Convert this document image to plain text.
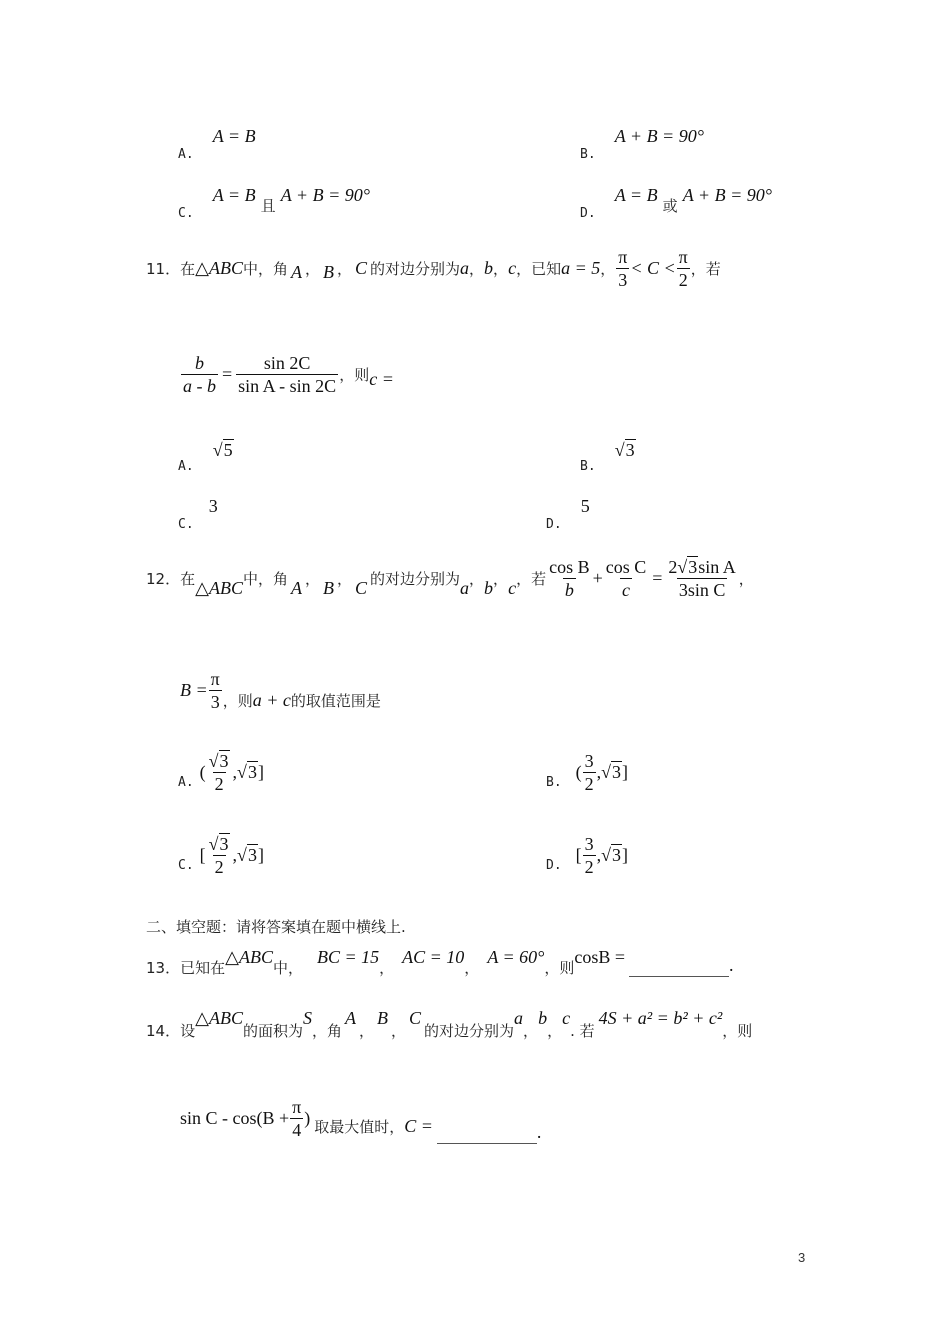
$_{A.}$ A = B
$_{B.}$ A + B = 90°
$_{C.}$ A = B 且 A + B = 90°
$_{D.}$ A = B 或 A + B = 90°
11． 在 △ABC 中，角 A ， B ， C 的对边分别为 a ， b ， c ，已知 a = 5 ，
π
3
< C <
π
2
，若
$\frac{b}{a - b} = \frac{\sin 2C}{\text{sin A - sin 2C}}$ ，则 c =
$_{A.}$ √5
$_{B.}$ √3
$_{C.}$ 3
$_{D.}$ 5
12． 在 △ABC 中，角 A ， B ， C 的对边分别为 a ， b ， c ，若
cos B
b
+ $\frac{\text{cos C}}{c} = \frac{\text{2√3sin A}}{\text{3sin C}}$ ，
$B = \frac{\pi}{3}$ ，则 a + c 的取值范围是
A.
(
√3
2
, √3 ]
B.
(
3
2
, √3 ]
C.
[
√3
2
, √3 ]
D.
[
3
2
, √3 ]
二、填空题：请将答案填在题中横线上.
13． 已知在
△ABC
中，
BC = 15
，
AC = 10
，
A = 60°
，则
cosB =	.
14． 设
△ABC
的面积为
S
，角
A
，
B
，
C
的对边分别为
a
，
b
，
c
. 若
4S + a² = b² + c²
，则
$\sin C - \cos(B + \frac{\pi}{4}$ ) 取最大值时， C =	.
3
